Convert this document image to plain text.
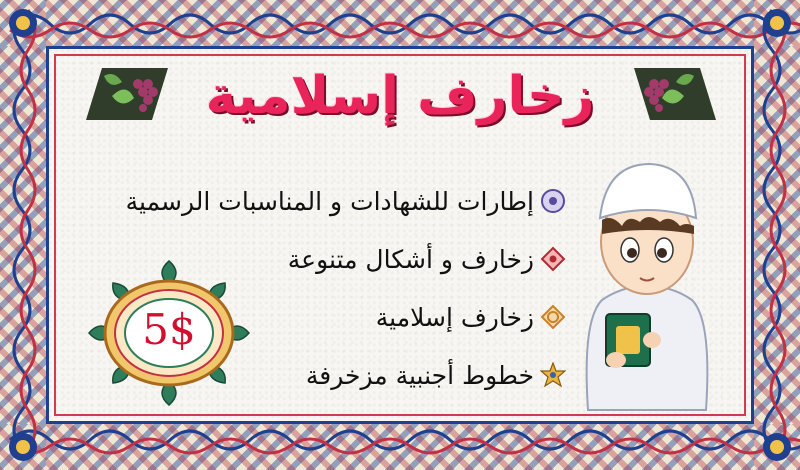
زخارف إسلامية
إطارات للشهادات و المناسبات الرسمية
زخارف و أشكال متنوعة
زخارف إسلامية
خطوط أجنبية مزخرفة
5$
